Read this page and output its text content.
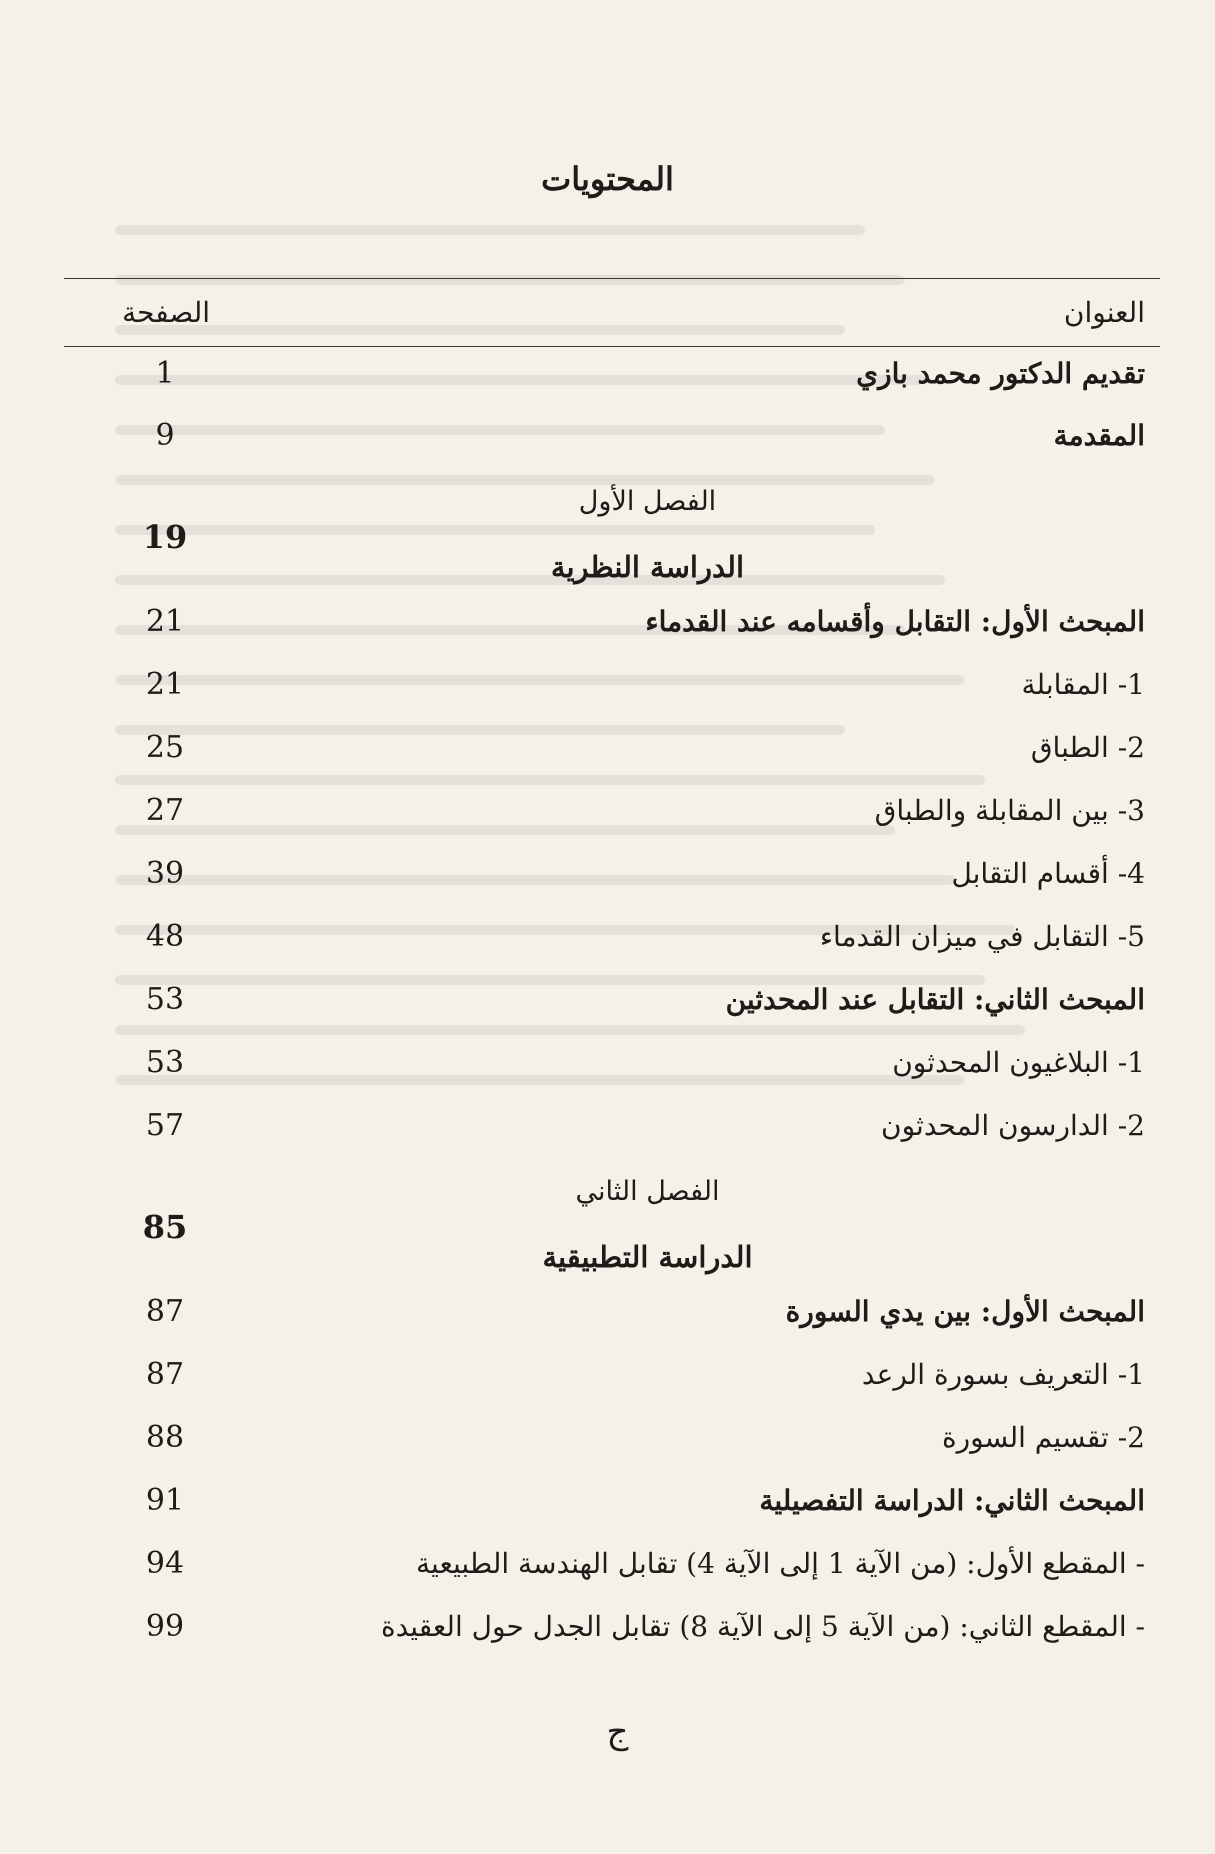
المحتويات
العنوان
الصفحة
تقديم الدكتور محمد بازي
1
المقدمة
9
الفصل الأول
19
الدراسة النظرية
المبحث الأول: التقابل وأقسامه عند القدماء
21
1- المقابلة
21
2- الطباق
25
3- بين المقابلة والطباق
27
4- أقسام التقابل
39
5- التقابل في ميزان القدماء
48
المبحث الثاني: التقابل عند المحدثين
53
1- البلاغيون المحدثون
53
2- الدارسون المحدثون
57
الفصل الثاني
85
الدراسة التطبيقية
المبحث الأول: بين يدي السورة
87
1- التعريف بسورة الرعد
87
2- تقسيم السورة
88
المبحث الثاني: الدراسة التفصيلية
91
- المقطع الأول: (من الآية 1 إلى الآية 4) تقابل الهندسة الطبيعية
94
- المقطع الثاني: (من الآية 5 إلى الآية 8) تقابل الجدل حول العقيدة
99
ج
